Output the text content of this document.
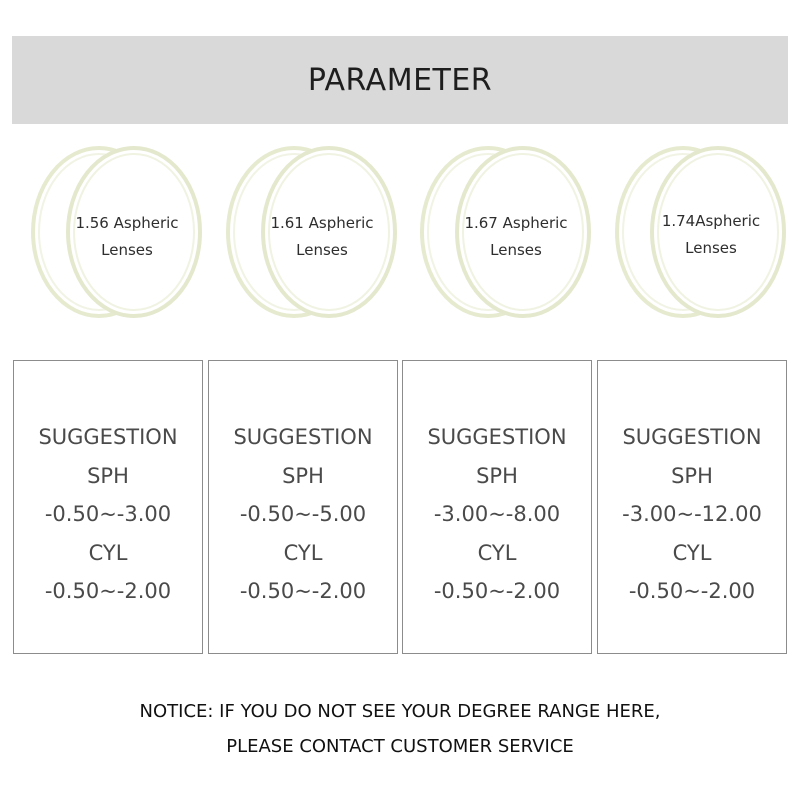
PARAMETER
1.56 Aspheric
Lenses
1.61 Aspheric
Lenses
1.67 Aspheric
Lenses
1.74Aspheric
Lenses
SUGGESTION
SPH
-0.50~-3.00
CYL
-0.50~-2.00
SUGGESTION
SPH
-0.50~-5.00
CYL
-0.50~-2.00
SUGGESTION
SPH
-3.00~-8.00
CYL
-0.50~-2.00
SUGGESTION
SPH
-3.00~-12.00
CYL
-0.50~-2.00
NOTICE: IF YOU DO NOT SEE YOUR DEGREE RANGE HERE,
PLEASE CONTACT CUSTOMER SERVICE
